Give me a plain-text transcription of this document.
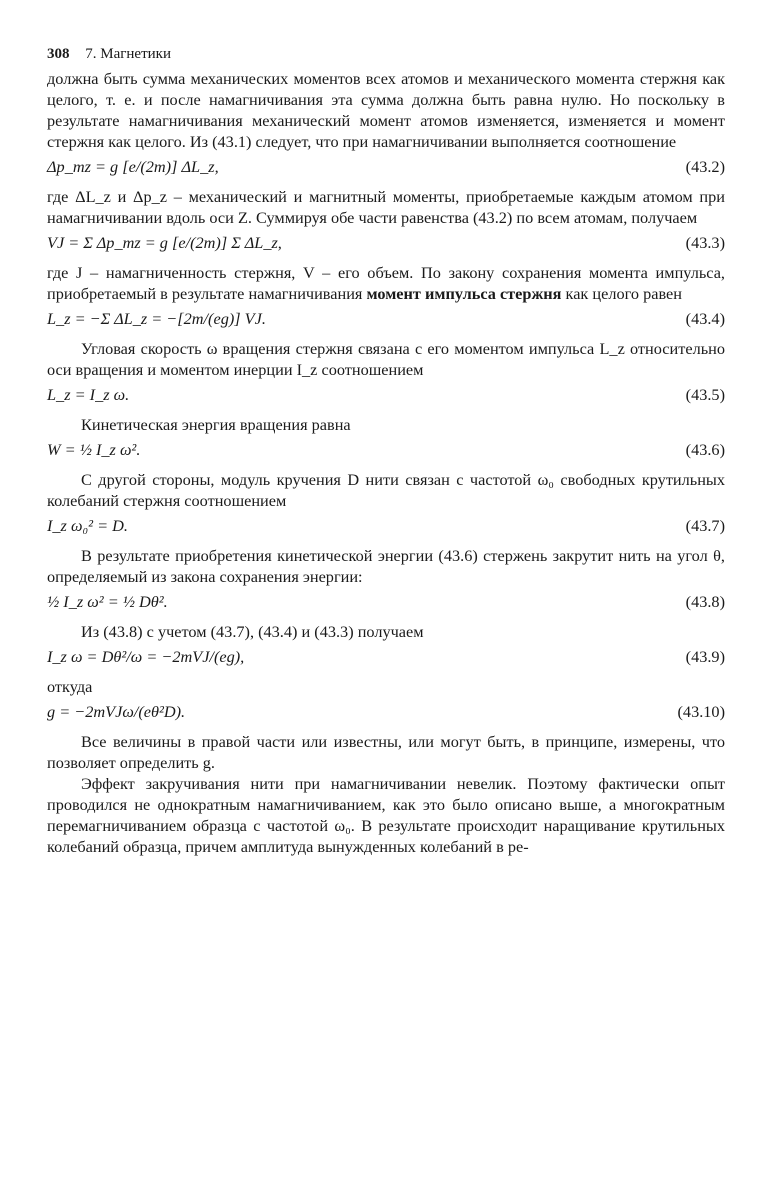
308 7. Магнетики

должна быть сумма механических моментов всех атомов и механического момента стержня как целого, т. е. и после намагничивания эта сумма должна быть равна нулю. Но поскольку в результате намагничивания механический момент атомов изменяется, изменяется и момент стержня как целого. Из (43.1) следует, что при намагничивании выполняется соотношение

Δp_mz = g [e/(2m)] ΔL_z,	(43.2)

где ΔL_z и Δp_z – механический и магнитный моменты, приобретаемые каждым атомом при намагничивании вдоль оси Z. Суммируя обе части равенства (43.2) по всем атомам, получаем

VJ = Σ Δp_mz = g [e/(2m)] Σ ΔL_z,	(43.3)

где J – намагниченность стержня, V – его объем. По закону сохранения момента импульса, приобретаемый в результате намагничивания момент импульса стержня как целого равен

L_z = −Σ ΔL_z = −[2m/(eg)] VJ.	(43.4)

Угловая скорость ω вращения стержня связана с его моментом импульса L_z относительно оси вращения и моментом инерции I_z соотношением

L_z = I_z ω.	(43.5)

Кинетическая энергия вращения равна

W = ½ I_z ω².	(43.6)

С другой стороны, модуль кручения D нити связан с частотой ω₀ свободных крутильных колебаний стержня соотношением

I_z ω₀² = D.	(43.7)

В результате приобретения кинетической энергии (43.6) стержень закрутит нить на угол θ, определяемый из закона сохранения энергии:

½ I_z ω² = ½ Dθ².	(43.8)

Из (43.8) с учетом (43.7), (43.4) и (43.3) получаем

I_z ω = Dθ²/ω = −2mVJ/(eg),	(43.9)

откуда

g = −2mVJω/(eθ²D).	(43.10)

Все величины в правой части или известны, или могут быть, в принципе, измерены, что позволяет определить g.

Эффект закручивания нити при намагничивании невелик. Поэтому фактически опыт проводился не однократным намагничиванием, как это было описано выше, а многократным перемагничиванием образца с частотой ω₀. В результате происходит наращивание крутильных колебаний образца, причем амплитуда вынужденных колебаний в ре-
